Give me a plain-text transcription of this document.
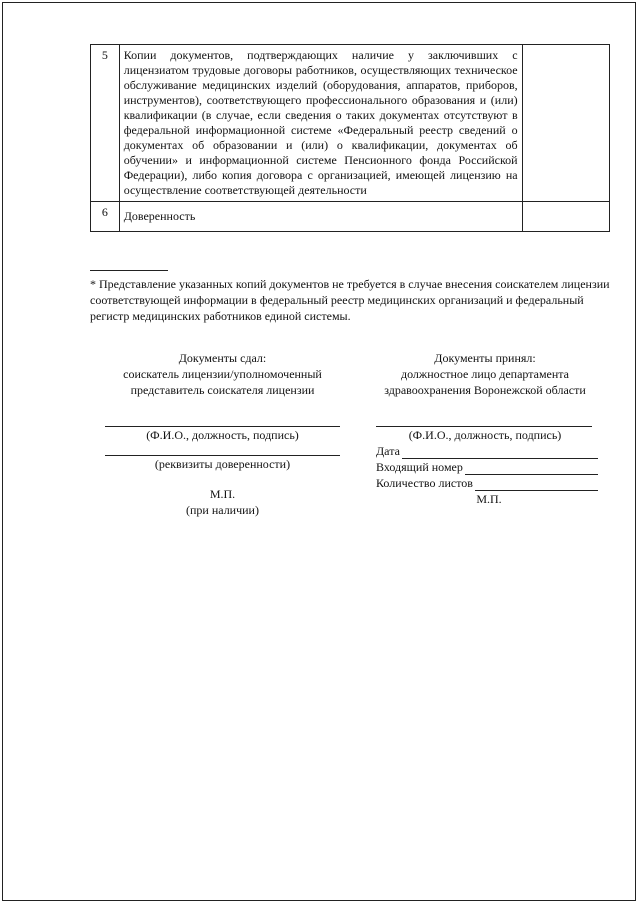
5	Копии документов, подтверждающих наличие у заключивших с лицензиатом трудовые договоры работников, осуществляющих техническое обслуживание медицинских изделий (оборудования, аппаратов, приборов, инструментов), соответствующего профессионального образования и (или) квалификации (в случае, если сведения о таких документах отсутствуют в федеральной информационной системе «Федеральный реестр сведений о документах об образовании и (или) о квалификации, документах об обучении» и информационной системе Пенсионного фонда Российской Федерации), либо копия договора с организацией, имеющей лицензию на осуществление соответствующей деятельности	
6	Доверенность	
* Представление указанных копий документов не требуется в случае внесения соискателем лицензии соответствующей информации в федеральный реестр медицинских организаций и федеральный регистр медицинских работников единой системы.
Документы сдал:
соискатель лицензии/уполномоченный
представитель соискателя лицензии
(Ф.И.О., должность, подпись)
(реквизиты доверенности)
М.П.
(при наличии)
Документы принял:
должностное лицо департамента
здравоохранения Воронежской области
(Ф.И.О., должность, подпись)
Дата
Входящий номер
Количество листов
М.П.
